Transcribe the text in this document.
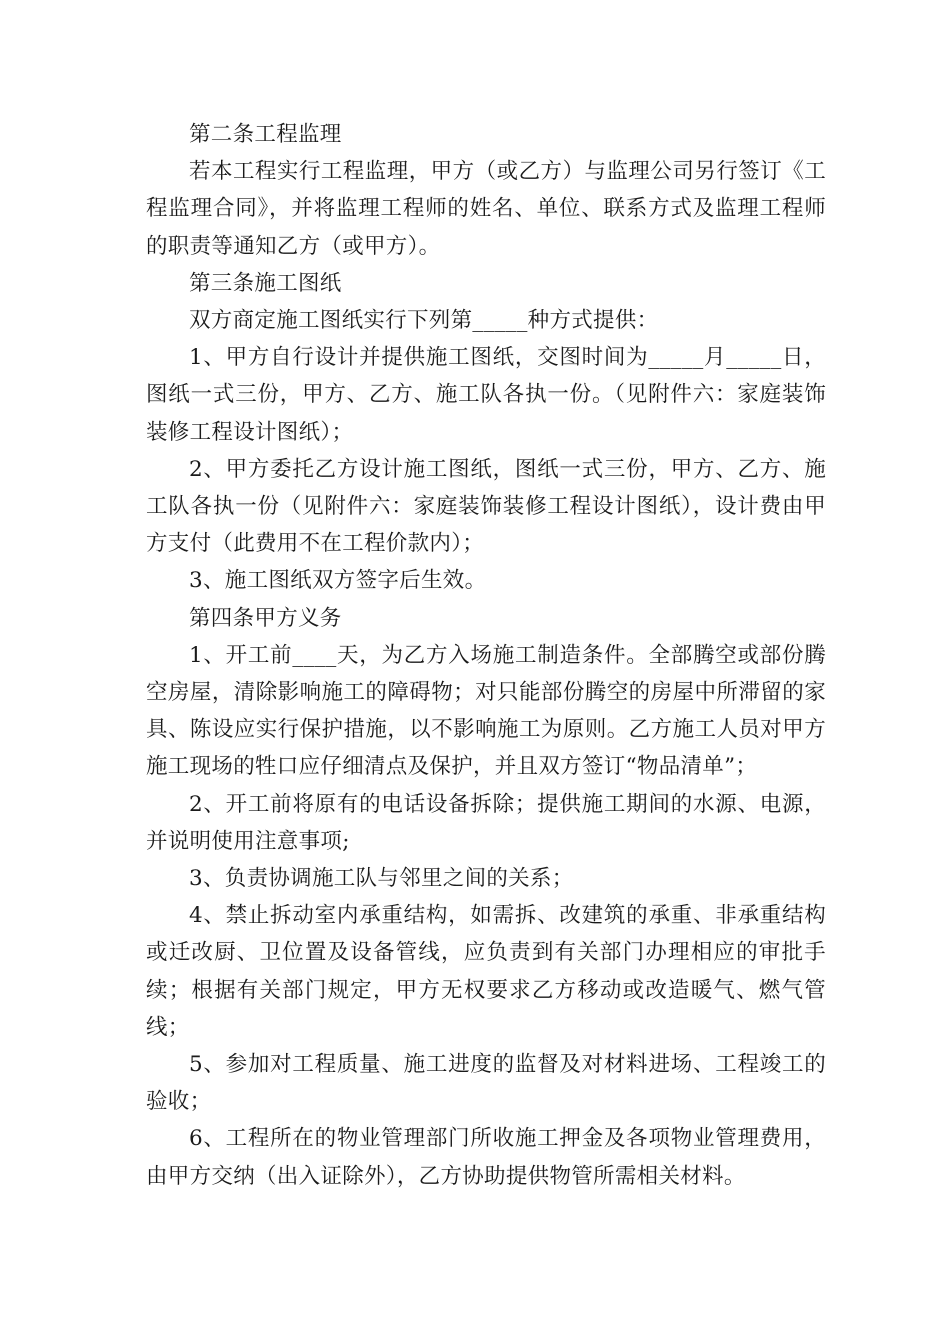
第二条工程监理

若本工程实行工程监理，甲方（或乙方）与监理公司另行签订《工程监理合同》，并将监理工程师的姓名、单位、联系方式及监理工程师的职责等通知乙方（或甲方）。

第三条施工图纸

双方商定施工图纸实行下列第_____种方式提供：

1、甲方自行设计并提供施工图纸，交图时间为_____月_____日，图纸一式三份，甲方、乙方、施工队各执一份。（见附件六：家庭装饰装修工程设计图纸）；

2、甲方委托乙方设计施工图纸，图纸一式三份，甲方、乙方、施工队各执一份（见附件六：家庭装饰装修工程设计图纸），设计费由甲方支付（此费用不在工程价款内）；

3、施工图纸双方签字后生效。

第四条甲方义务

1、开工前____天，为乙方入场施工制造条件。全部腾空或部份腾空房屋，清除影响施工的障碍物；对只能部份腾空的房屋中所滞留的家具、陈设应实行保护措施，以不影响施工为原则。乙方施工人员对甲方施工现场的牲口应仔细清点及保护，并且双方签订“物品清单”；

2、开工前将原有的电话设备拆除；提供施工期间的水源、电源，并说明使用注意事项;

3、负责协调施工队与邻里之间的关系；

4、禁止拆动室内承重结构，如需拆、改建筑的承重、非承重结构或迁改厨、卫位置及设备管线，应负责到有关部门办理相应的审批手续；根据有关部门规定，甲方无权要求乙方移动或改造暖气、燃气管线；

5、参加对工程质量、施工进度的监督及对材料进场、工程竣工的验收；

6、工程所在的物业管理部门所收施工押金及各项物业管理费用，由甲方交纳（出入证除外），乙方协助提供物管所需相关材料。
